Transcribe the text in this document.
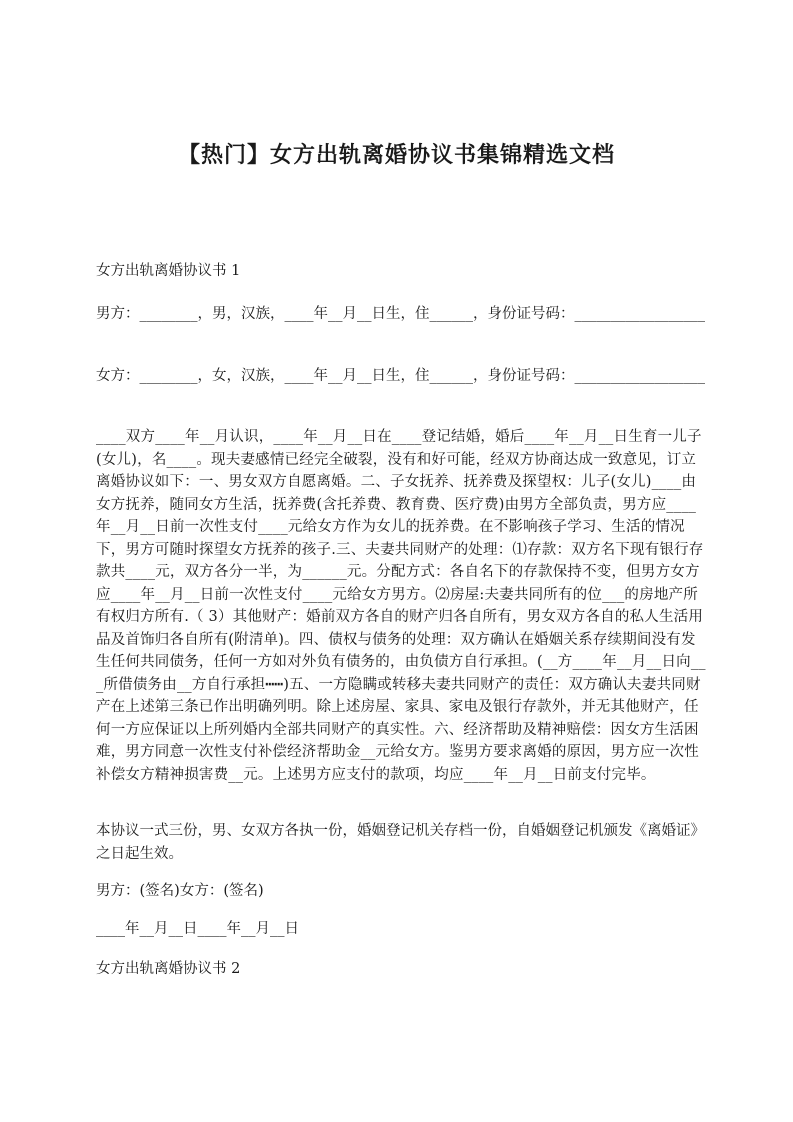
【热门】女方出轨离婚协议书集锦精选文档

女方出轨离婚协议书 1

男方：________，男，汉族，____年__月__日生，住______，身份证号码：__________________

女方：________，女，汉族，____年__月__日生，住______，身份证号码：__________________

____双方____年__月认识，____年__月__日在____登记结婚，婚后____年__月__日生育一儿子(女儿)，名____。现夫妻感情已经完全破裂，没有和好可能，经双方协商达成一致意见，订立离婚协议如下：一、男女双方自愿离婚。二、子女抚养、抚养费及探望权：儿子(女儿)____由女方抚养，随同女方生活，抚养费(含托养费、教育费、医疗费)由男方全部负责，男方应____年__月__日前一次性支付____元给女方作为女儿的抚养费。在不影响孩子学习、生活的情况下，男方可随时探望女方抚养的孩子.三、夫妻共同财产的处理：⑴存款：双方名下现有银行存款共____元，双方各分一半，为______元。分配方式：各自名下的存款保持不变，但男方女方应____年__月__日前一次性支付____元给女方男方。⑵房屋:夫妻共同所有的位___的房地产所有权归方所有.（ 3）其他财产：婚前双方各自的财产归各自所有，男女双方各自的私人生活用品及首饰归各自所有(附清单)。四、债权与债务的处理：双方确认在婚姻关系存续期间没有发生任何共同债务，任何一方如对外负有债务的，由负债方自行承担。(__方____年__月__日向___所借债务由__方自行承担┅┅)五、一方隐瞒或转移夫妻共同财产的责任：双方确认夫妻共同财产在上述第三条已作出明确列明。除上述房屋、家具、家电及银行存款外，并无其他财产，任何一方应保证以上所列婚内全部共同财产的真实性。六、经济帮助及精神赔偿：因女方生活困难，男方同意一次性支付补偿经济帮助金__元给女方。鉴男方要求离婚的原因，男方应一次性补偿女方精神损害费__元。上述男方应支付的款项，均应____年__月__日前支付完毕。

本协议一式三份，男、女双方各执一份，婚姻登记机关存档一份，自婚姻登记机颁发《离婚证》之日起生效。

男方：(签名)女方：(签名)

____年__月__日____年__月__日

女方出轨离婚协议书 2
